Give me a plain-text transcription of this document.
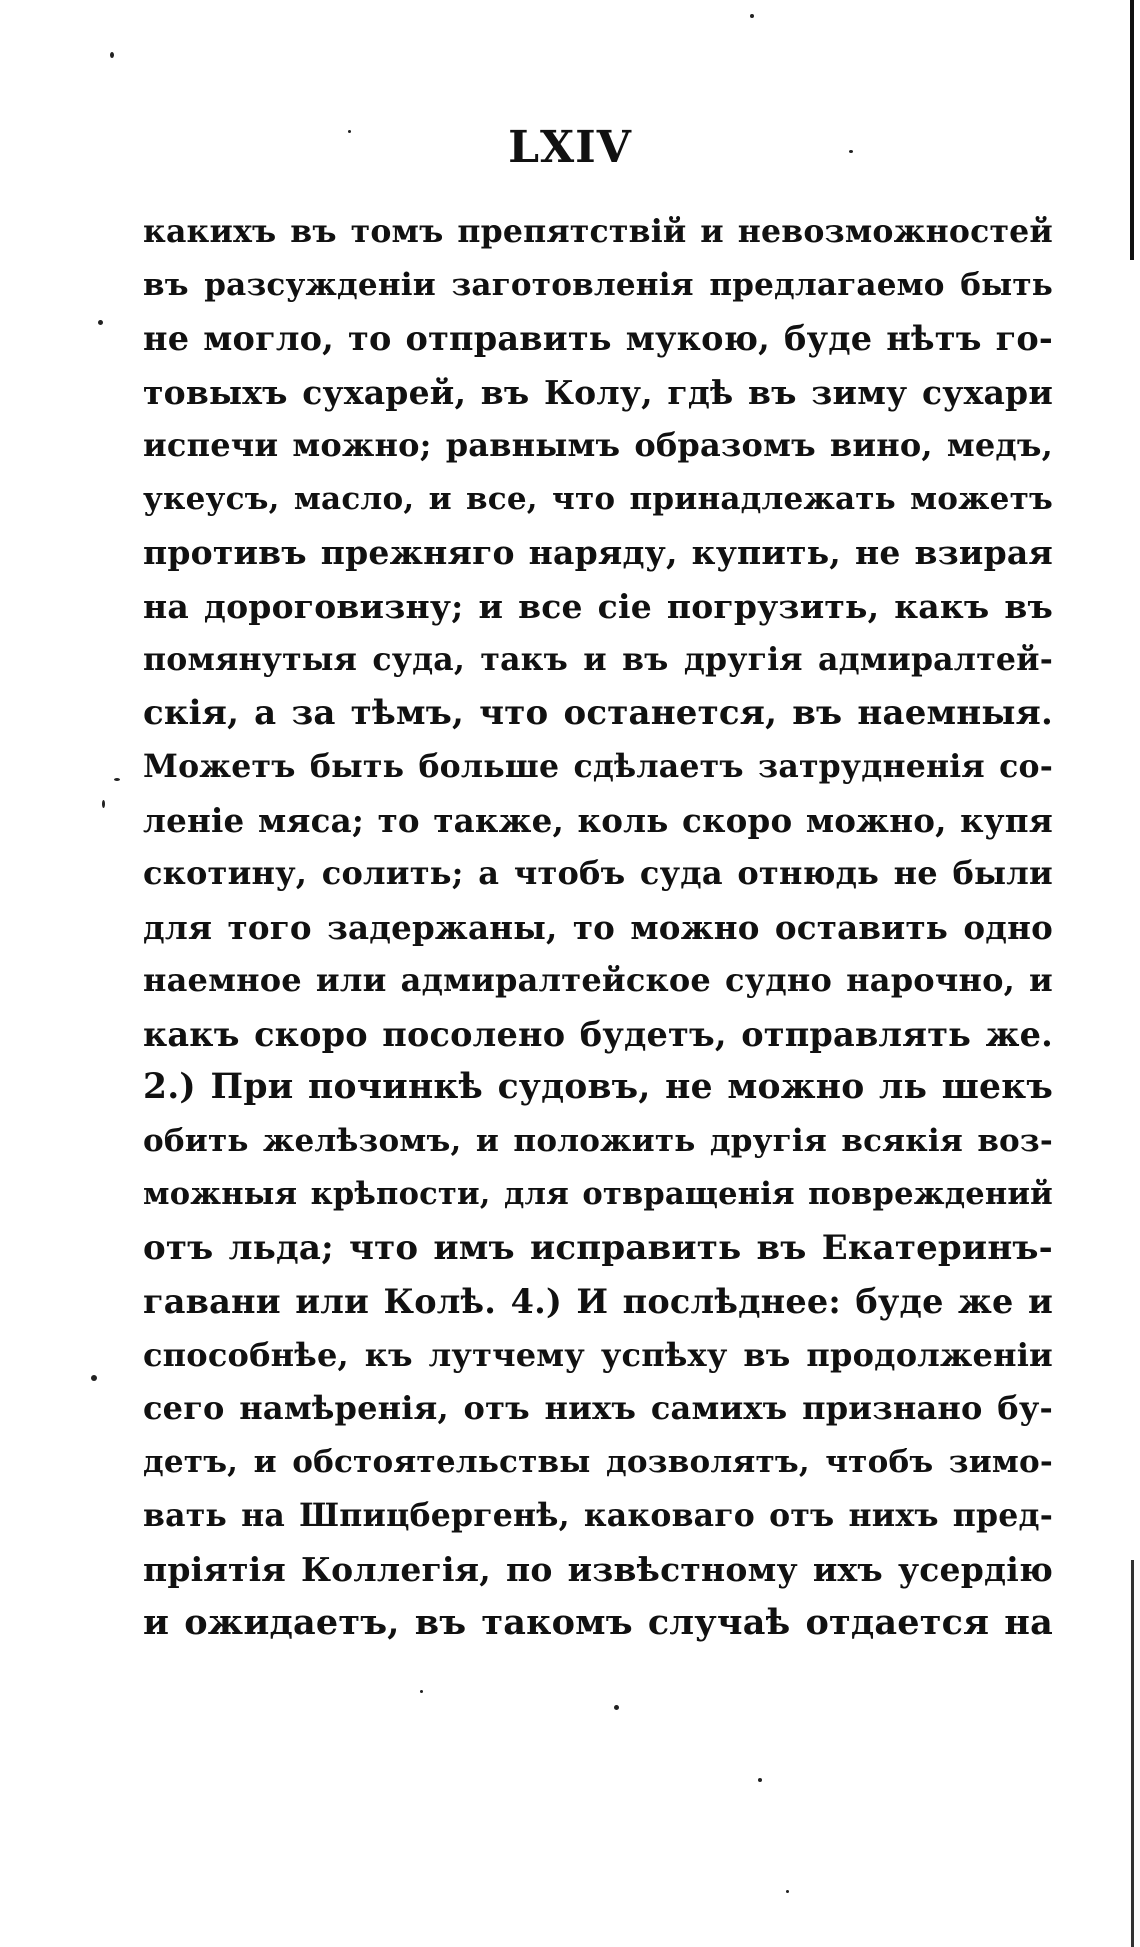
LXIV
какихъ въ томъ препятствій и невозможностей
въ разсужденіи заготовленія предлагаемо быть
не могло, то отправить мукою, буде нѣтъ го-
товыхъ сухарей, въ Колу, гдѣ въ зиму сухари
испечи можно; равнымъ образомъ вино, медъ,
укеусъ, масло, и все, что принадлежать можетъ
противъ прежняго наряду, купить, не взирая
на дороговизну; и все сіе погрузить, какъ въ
помянутыя суда, такъ и въ другія адмиралтей-
скія, а за тѣмъ, что останется, въ наемныя.
Можетъ быть больше сдѣлаетъ затрудненія со-
леніе мяса; то также, коль скоро можно, купя
скотину, солить; а чтобъ суда отнюдь не были
для того задержаны, то можно оставить одно
наемное или адмиралтейское судно нарочно, и
какъ скоро посолено будетъ, отправлять же.
2.) При починкѣ судовъ, не можно ль шекъ
обить желѣзомъ, и положить другія всякія воз-
можныя крѣпости, для отвращенія повреждений
отъ льда; что имъ исправить въ Екатеринъ-
гавани или Колѣ. 4.) И послѣднее: буде же и
способнѣе, къ лутчему успѣху въ продолженіи
сего намѣренія, отъ нихъ самихъ признано бу-
детъ, и обстоятельствы дозволятъ, чтобъ зимо-
вать на Шпицбергенѣ, каковаго отъ нихъ пред-
пріятія Коллегія, по извѣстному ихъ усердію
и ожидаетъ, въ такомъ случаѣ отдается на
